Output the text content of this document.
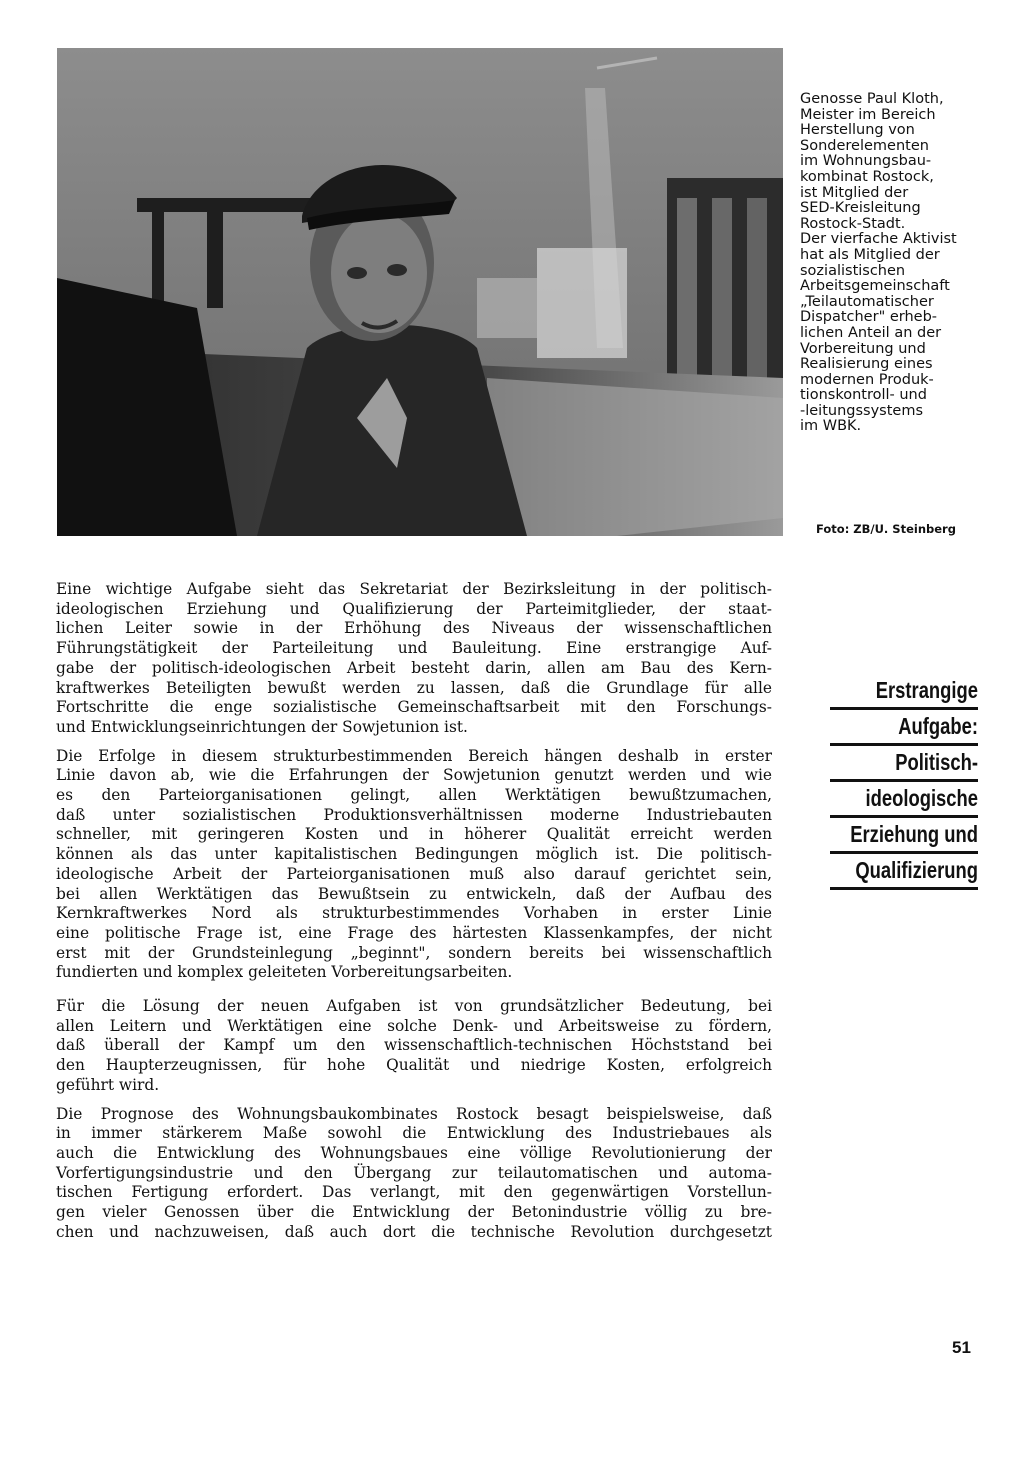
Genosse Paul Kloth,
Meister im Bereich
Herstellung von
Sonderelementen
im Wohnungsbau-
kombinat Rostock,
ist Mitglied der
SED-Kreisleitung
Rostock-Stadt.
Der vierfache Aktivist
hat als Mitglied der
sozialistischen
Arbeitsgemeinschaft
„Teilautomatischer
Dispatcher" erheb-
lichen Anteil an der
Vorbereitung und
Realisierung eines
modernen Produk-
tionskontroll- und
-leitungssystems
im WBK.
Foto: ZB/U. Steinberg
Erstrangige
Aufgabe:
Politisch-
ideologische
Erziehung und
Qualifizierung

Eine wichtige Aufgabe sieht das Sekretariat der Bezirksleitung in der politisch-
ideologischen Erziehung und Qualifizierung der Parteimitglieder, der staat-
lichen Leiter sowie in der Erhöhung des Niveaus der wissenschaftlichen
Führungstätigkeit der Parteileitung und Bauleitung. Eine erstrangige Auf-
gabe der politisch-ideologischen Arbeit besteht darin, allen am Bau des Kern-
kraftwerkes Beteiligten bewußt werden zu lassen, daß die Grundlage für alle
Fortschritte die enge sozialistische Gemeinschaftsarbeit mit den Forschungs-
und Entwicklungseinrichtungen der Sowjetunion ist.

Die Erfolge in diesem strukturbestimmenden Bereich hängen deshalb in erster
Linie davon ab, wie die Erfahrungen der Sowjetunion genutzt werden und wie
es den Parteiorganisationen gelingt, allen Werktätigen bewußtzumachen,
daß unter sozialistischen Produktionsverhältnissen moderne Industriebauten
schneller, mit geringeren Kosten und in höherer Qualität erreicht werden
können als das unter kapitalistischen Bedingungen möglich ist. Die politisch-
ideologische Arbeit der Parteiorganisationen muß also darauf gerichtet sein,
bei allen Werktätigen das Bewußtsein zu entwickeln, daß der Aufbau des
Kernkraftwerkes Nord als strukturbestimmendes Vorhaben in erster Linie
eine politische Frage ist, eine Frage des härtesten Klassenkampfes, der nicht
erst mit der Grundsteinlegung „beginnt", sondern bereits bei wissenschaftlich
fundierten und komplex geleiteten Vorbereitungsarbeiten.

Für die Lösung der neuen Aufgaben ist von grundsätzlicher Bedeutung, bei
allen Leitern und Werktätigen eine solche Denk- und Arbeitsweise zu fördern,
daß überall der Kampf um den wissenschaftlich-technischen Höchststand bei
den Haupterzeugnissen, für hohe Qualität und niedrige Kosten, erfolgreich
geführt wird.

Die Prognose des Wohnungsbaukombinates Rostock besagt beispielsweise, daß
in immer stärkerem Maße sowohl die Entwicklung des Industriebaues als
auch die Entwicklung des Wohnungsbaues eine völlige Revolutionierung der
Vorfertigungsindustrie und den Übergang zur teilautomatischen und automa-
tischen Fertigung erfordert. Das verlangt, mit den gegenwärtigen Vorstellun-
gen vieler Genossen über die Entwicklung der Betonindustrie völlig zu bre-
chen und nachzuweisen, daß auch dort die technische Revolution durchgesetzt

51
